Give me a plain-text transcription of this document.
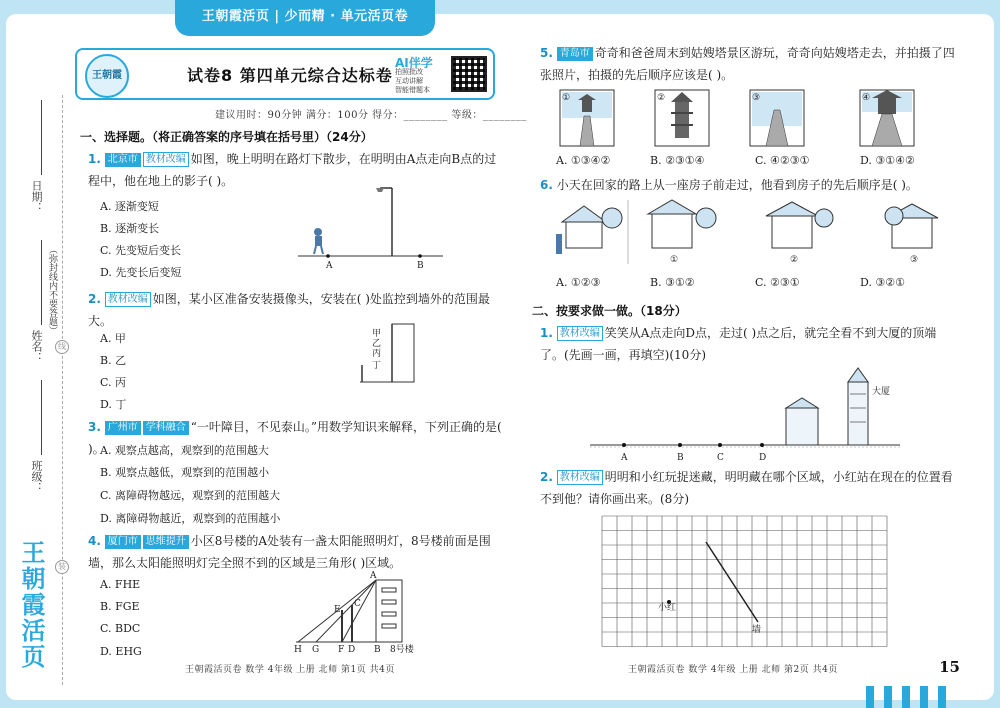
王朝霞活页 | 少而精 · 单元活页卷
日期：
（弥封线内不要答题）
姓名：
班级：
线
装
王朝霞活页
王朝霞	试卷8 第四单元综合达标卷
AI伴学
拍照批改
互动讲解
智能错题本
建议用时：90分钟 满分：100分 得分：________ 等级：________
一、选择题。（将正确答案的序号填在括号里）（24分）
1. 北京市 教材改编 如图，晚上明明在路灯下散步，在明明由A点走向B点的过程中，他在地上的影子( )。
A. 逐渐变短
B. 逐渐变长
C. 先变短后变长
D. 先变长后变短	A	B
2. 教材改编 如图，某小区准备安装摄像头，安装在( )处监控到墙外的范围最大。
A. 甲
B. 乙
C. 丙
D. 丁
甲
乙
丙
丁
3. 广州市 学科融合 “一叶障目，不见泰山。”用数学知识来解释，下列正确的是( )。
A. 观察点越高，观察到的范围越大
B. 观察点越低，观察到的范围越小
C. 离障碍物越远，观察到的范围越大
D. 离障碍物越近，观察到的范围越小
4. 厦门市 思维提升 小区8号楼的A处装有一盏太阳能照明灯，8号楼前面是围墙，那么太阳能照明灯完全照不到的区域是三角形( )区域。
A. FHE
B. FGE
C. BDC
D. EHG
A
E
C
H G F D B 8号楼
王朝霞活页卷 数学 4年级 上册 北师 第1页 共4页
5. 青岛市 奇奇和爸爸周末到姑嫂塔景区游玩，奇奇向姑嫂塔走去，并拍摄了四张照片，拍摄的先后顺序应该是( )。
①	②	③	④
A. ①③④②	B. ②③①④	C. ④②③①	D. ③①④②
6. 小天在回家的路上从一座房子前走过，他看到房子的先后顺序是( )。
①	②	③
A. ①②③	B. ③①②	C. ②③①	D. ③②①
二、按要求做一做。（18分）
1. 教材改编 笑笑从A点走向D点，走过( )点之后，就完全看不到大厦的顶端了。(先画一画，再填空)(10分)
A	B	C	D
大厦
2. 教材改编 明明和小红玩捉迷藏，明明藏在哪个区域，小红站在现在的位置看不到他？请你画出来。(8分)
小红
墙
王朝霞活页卷 数学 4年级 上册 北师 第2页 共4页	15
